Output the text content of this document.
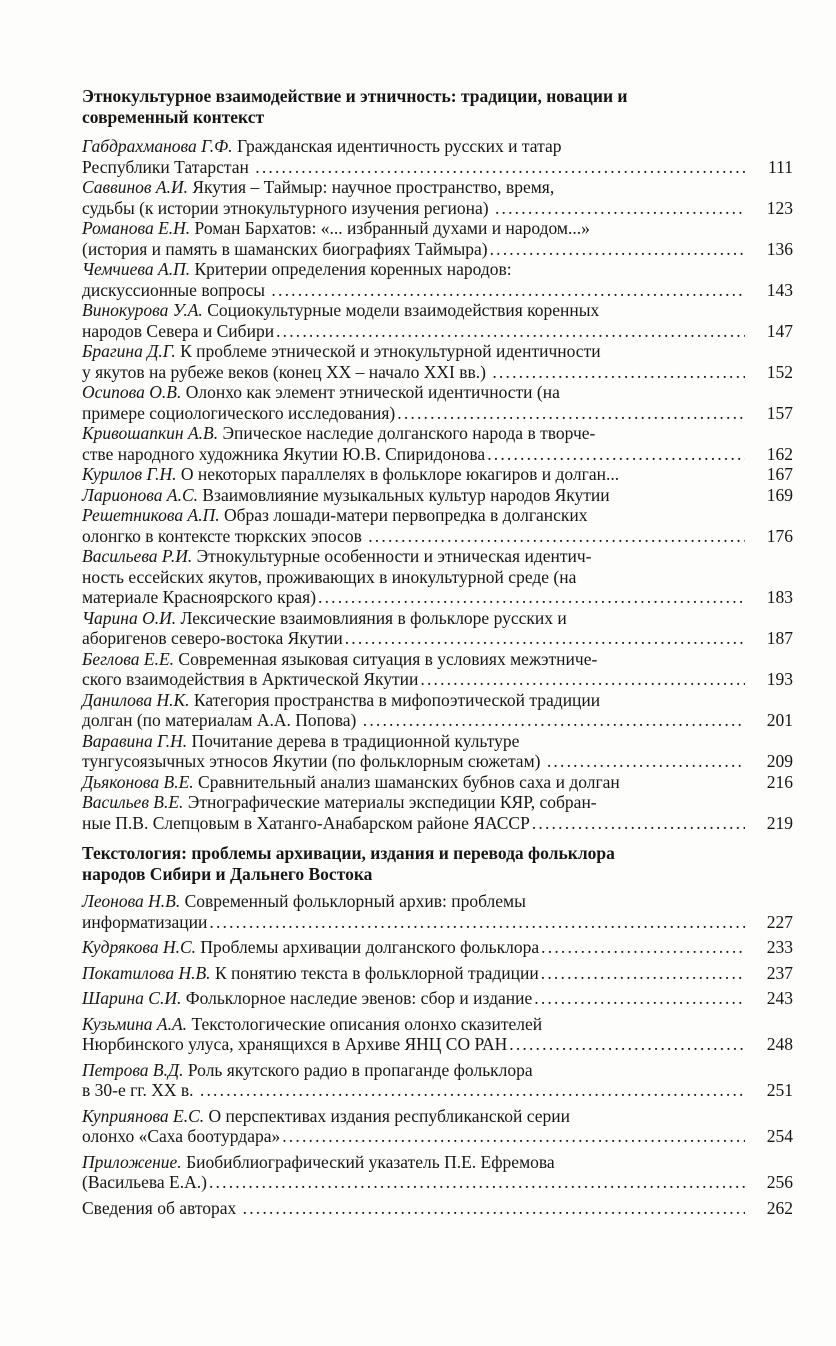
Этнокультурное взаимодействие и этничность: традиции, новации и
современный контекст
Габдрахманова Г.Ф. Гражданская идентичность русских и татар
Республики Татарстан .....	111
Саввинов А.И. Якутия – Таймыр: научное пространство, время,
судьбы (к истории этнокультурного изучения региона) .....	123
Романова Е.Н. Роман Бархатов: «... избранный духами и народом...»
(история и память в шаманских биографиях Таймыра) .....	136
Чемчиева А.П. Критерии определения коренных народов:
дискуссионные вопросы .....	143
Винокурова У.А. Социокультурные модели взаимодействия коренных
народов Севера и Сибири .....	147
Брагина Д.Г. К проблеме этнической и этнокультурной идентичности
у якутов на рубеже веков (конец XX – начало XXI вв.) .....	152
Осипова О.В. Олонхо как элемент этнической идентичности (на
примере социологического исследования) .....	157
Кривошапкин А.В. Эпическое наследие долганского народа в творче-
стве народного художника Якутии Ю.В. Спиридонова .....	162
Курилов Г.Н. О некоторых параллелях в фольклоре юкагиров и долган...	167
Ларионова А.С. Взаимовлияние музыкальных культур народов Якутии	169
Решетникова А.П. Образ лошади-матери первопредка в долганских
олонгко в контексте тюркских эпосов .....	176
Васильева Р.И. Этнокультурные особенности и этническая идентич-
ность ессейских якутов, проживающих в инокультурной среде (на
материале Красноярского края) .....	183
Чарина О.И. Лексические взаимовлияния в фольклоре русских и
аборигенов северо-востока Якутии .....	187
Беглова Е.Е. Современная языковая ситуация в условиях межэтниче-
ского взаимодействия в Арктической Якутии .....	193
Данилова Н.К. Категория пространства в мифопоэтической традиции
долган (по материалам А.А. Попова) .....	201
Варавина Г.Н. Почитание дерева в традиционной культуре
тунгусоязычных этносов Якутии (по фольклорным сюжетам) .....	209
Дьяконова В.Е. Сравнительный анализ шаманских бубнов саха и долган	216
Васильев В.Е. Этнографические материалы экспедиции КЯР, собран-
ные П.В. Слепцовым в Хатанго-Анабарском районе ЯАССР .....	219
Текстология: проблемы архивации, издания и перевода фольклора
народов Сибири и Дальнего Востока
Леонова Н.В. Современный фольклорный архив: проблемы
информатизации .....	227
Кудрякова Н.С. Проблемы архивации долганского фольклора .....	233
Покатилова Н.В. К понятию текста в фольклорной традиции .....	237
Шарина С.И. Фольклорное наследие эвенов: сбор и издание .....	243
Кузьмина А.А. Текстологические описания олонхо сказителей
Нюрбинского улуса, хранящихся в Архиве ЯНЦ СО РАН .....	248
Петрова В.Д. Роль якутского радио в пропаганде фольклора
в 30-е гг. XX в. .....	251
Куприянова Е.С. О перспективах издания республиканской серии
олонхо «Саха боотурдара» .....	254
Приложение. Биобиблиографический указатель П.Е. Ефремова
(Васильева Е.А.) .....	256
Сведения об авторах .....	262
